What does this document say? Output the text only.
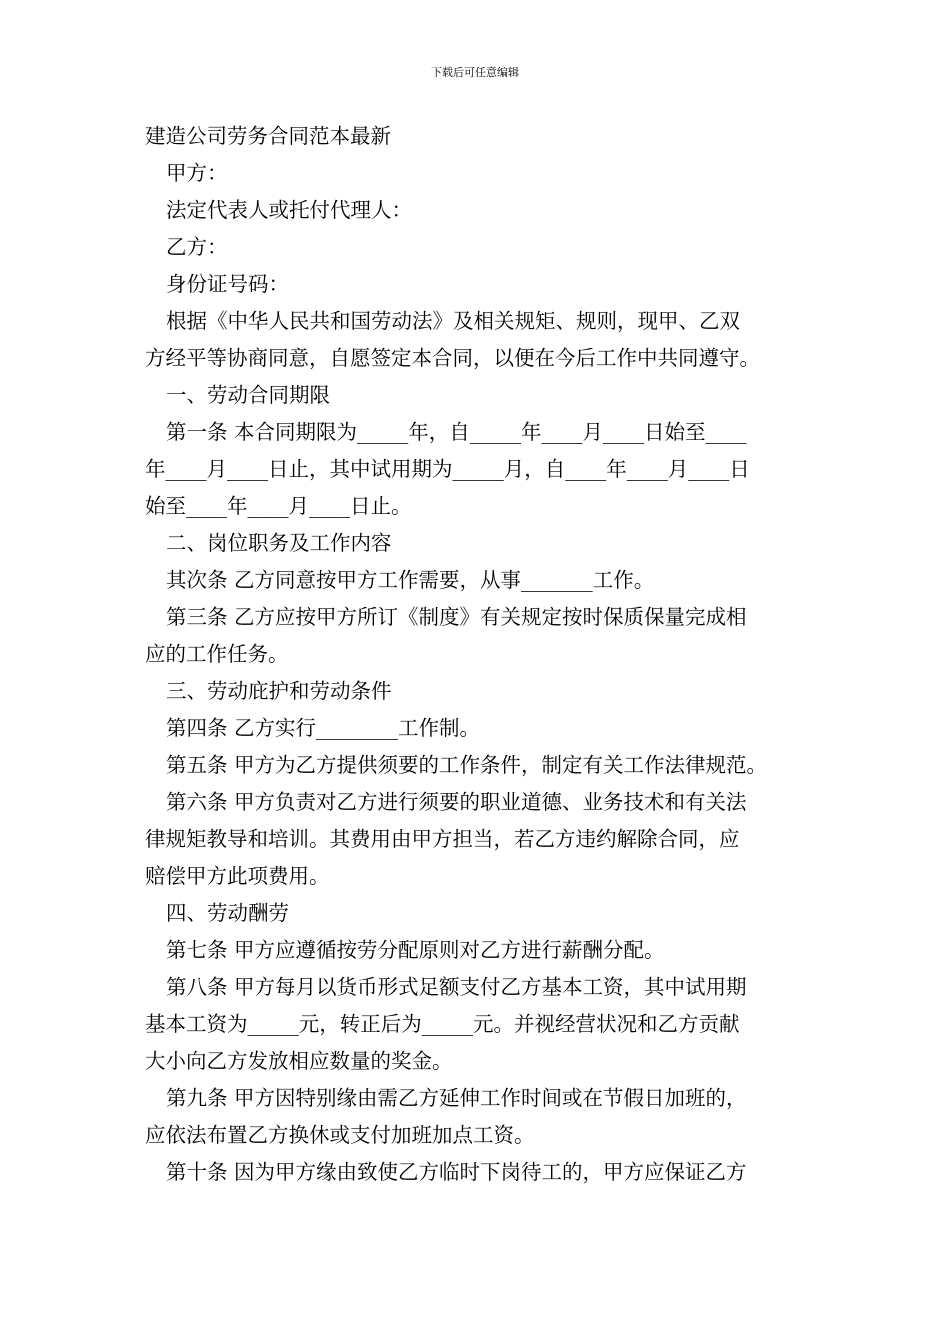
下载后可任意编辑
建造公司劳务合同范本最新
甲方：
法定代表人或托付代理人：
乙方：
身份证号码：
根据《中华人民共和国劳动法》及相关规矩、规则，现甲、乙双
方经平等协商同意，自愿签定本合同，以便在今后工作中共同遵守。
一、劳动合同期限
第一条 本合同期限为_____年，自_____年____月____日始至____
年____月____日止，其中试用期为_____月，自____年____月____日
始至____年____月____日止。
二、岗位职务及工作内容
其次条 乙方同意按甲方工作需要，从事_______工作。
第三条 乙方应按甲方所订《制度》有关规定按时保质保量完成相
应的工作任务。
三、劳动庇护和劳动条件
第四条 乙方实行________工作制。
第五条 甲方为乙方提供须要的工作条件，制定有关工作法律规范。
第六条 甲方负责对乙方进行须要的职业道德、业务技术和有关法
律规矩教导和培训。其费用由甲方担当，若乙方违约解除合同，应
赔偿甲方此项费用。
四、劳动酬劳
第七条 甲方应遵循按劳分配原则对乙方进行薪酬分配。
第八条 甲方每月以货币形式足额支付乙方基本工资，其中试用期
基本工资为_____元，转正后为_____元。并视经营状况和乙方贡献
大小向乙方发放相应数量的奖金。
第九条 甲方因特别缘由需乙方延伸工作时间或在节假日加班的，
应依法布置乙方换休或支付加班加点工资。
第十条 因为甲方缘由致使乙方临时下岗待工的，甲方应保证乙方
